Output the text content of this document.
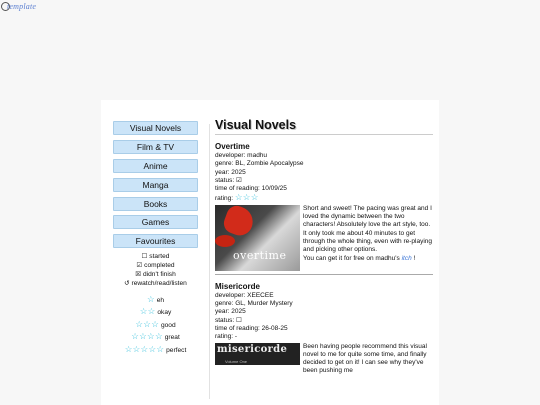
template
Visual Novels
Film & TV
Anime
Manga
Books
Games
Favourites
☐ started
☑ completed
☒ didn't finish
↺ rewatch/read/listen
☆ eh
☆☆ okay
☆☆☆ good
☆☆☆☆ great
☆☆☆☆☆ perfect
Visual Novels
Overtime
developer: madhu
genre: BL, Zombie Apocalypse
year: 2025
status: ☑
time of reading: 10/09/25
rating: ☆☆☆
overtime
Short and sweet! The pacing was great and I loved the dynamic between the two characters! Absolutely love the art style, too. It only took me about 40 minutes to get through the whole thing, even with re-playing and picking other options.
You can get it for free on madhu's itch !
Misericorde
developer: XEECEE
genre: GL, Murder Mystery
year: 2025
status: ☐
time of reading: 26-08-25
rating: -
misericorde
Volume One
Been having people recommend this visual novel to me for quite some time, and finally decided to get on it! I can see why they've been pushing me
